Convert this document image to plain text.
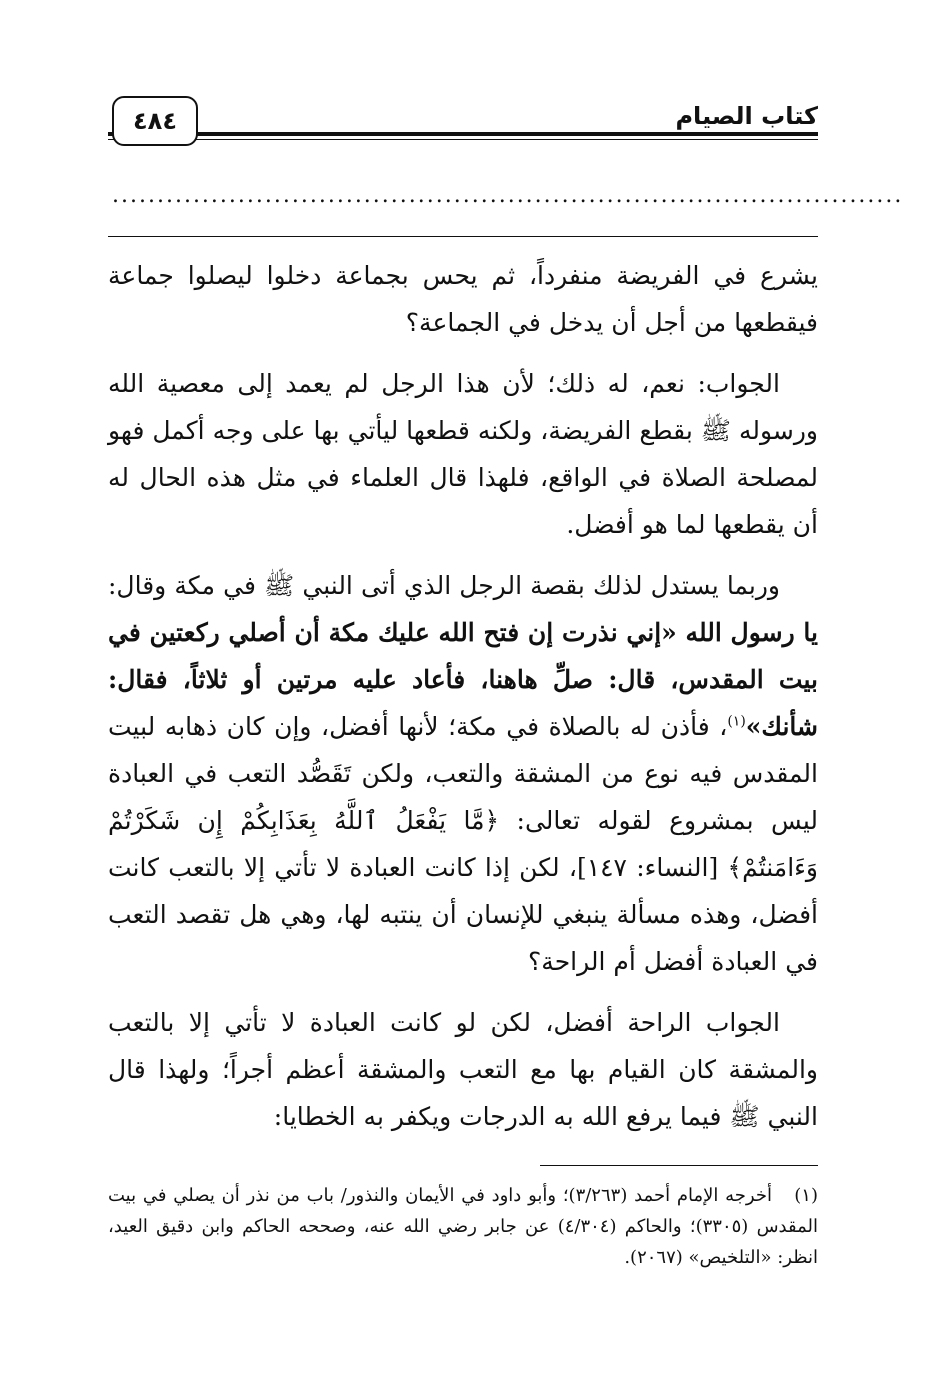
كتاب الصيام
٤٨٤
........................................................................................

يشرع في الفريضة منفرداً، ثم يحس بجماعة دخلوا ليصلوا جماعة فيقطعها من أجل أن يدخل في الجماعة؟

الجواب: نعم، له ذلك؛ لأن هذا الرجل لم يعمد إلى معصية الله ورسوله ﷺ بقطع الفريضة، ولكنه قطعها ليأتي بها على وجه أكمل فهو لمصلحة الصلاة في الواقع، فلهذا قال العلماء في مثل هذه الحال له أن يقطعها لما هو أفضل.

وربما يستدل لذلك بقصة الرجل الذي أتى النبي ﷺ في مكة وقال: يا رسول الله «إني نذرت إن فتح الله عليك مكة أن أصلي ركعتين في بيت المقدس، قال: صلِّ هاهنا، فأعاد عليه مرتين أو ثلاثاً، فقال: شأنك»$^{(١)}$، فأذن له بالصلاة في مكة؛ لأنها أفضل، وإن كان ذهابه لبيت المقدس فيه نوع من المشقة والتعب، ولكن تَقَصُّد التعب في العبادة ليس بمشروع لقوله تعالى: ﴿مَّا يَفْعَلُ ٱللَّهُ بِعَذَابِكُمْ إِن شَكَرْتُمْ وَءَامَنتُمْ﴾ [النساء: ١٤٧]، لكن إذا كانت العبادة لا تأتي إلا بالتعب كانت أفضل، وهذه مسألة ينبغي للإنسان أن ينتبه لها، وهي هل تقصد التعب في العبادة أفضل أم الراحة؟

الجواب الراحة أفضل، لكن لو كانت العبادة لا تأتي إلا بالتعب والمشقة كان القيام بها مع التعب والمشقة أعظم أجراً؛ ولهذا قال النبي ﷺ فيما يرفع الله به الدرجات ويكفر به الخطايا:

(١)أخرجه الإمام أحمد (٣/٢٦٣)؛ وأبو داود في الأيمان والنذور/ باب من نذر أن يصلي في بيت المقدس (٣٣٠٥)؛ والحاكم (٤/٣٠٤) عن جابر رضي الله عنه، وصححه الحاكم وابن دقيق العيد، انظر: «التلخيص» (٢٠٦٧).
